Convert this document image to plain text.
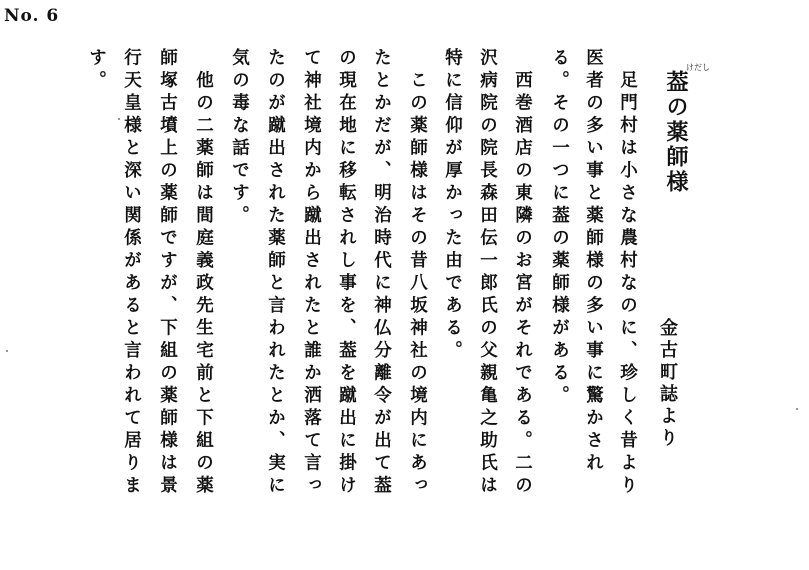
No. 6
葢の薬師様
けだし
金古町誌より
　足門村は小さな農村なのに、珍しく昔より
医者の多い事と薬師様の多い事に驚かされ
る。その一つに葢の薬師様がある。
　西巻酒店の東隣のお宮がそれである。二の
沢病院の院長森田伝一郎氏の父親亀之助氏は
特に信仰が厚かった由である。
　この薬師様はその昔八坂神社の境内にあっ
たとかだが、明治時代に神仏分離令が出て葢
の現在地に移転されし事を、葢を蹴出に掛け
て神社境内から蹴出されたと誰か洒落て言っ
たのが蹴出された薬師と言われたとか、実に
気の毒な話です。
　他の二薬師は間庭義政先生宅前と下組の薬
師塚古墳上の薬師ですが、下組の薬師様は景
行天皇様と深い関係があると言われて居りま
す。
